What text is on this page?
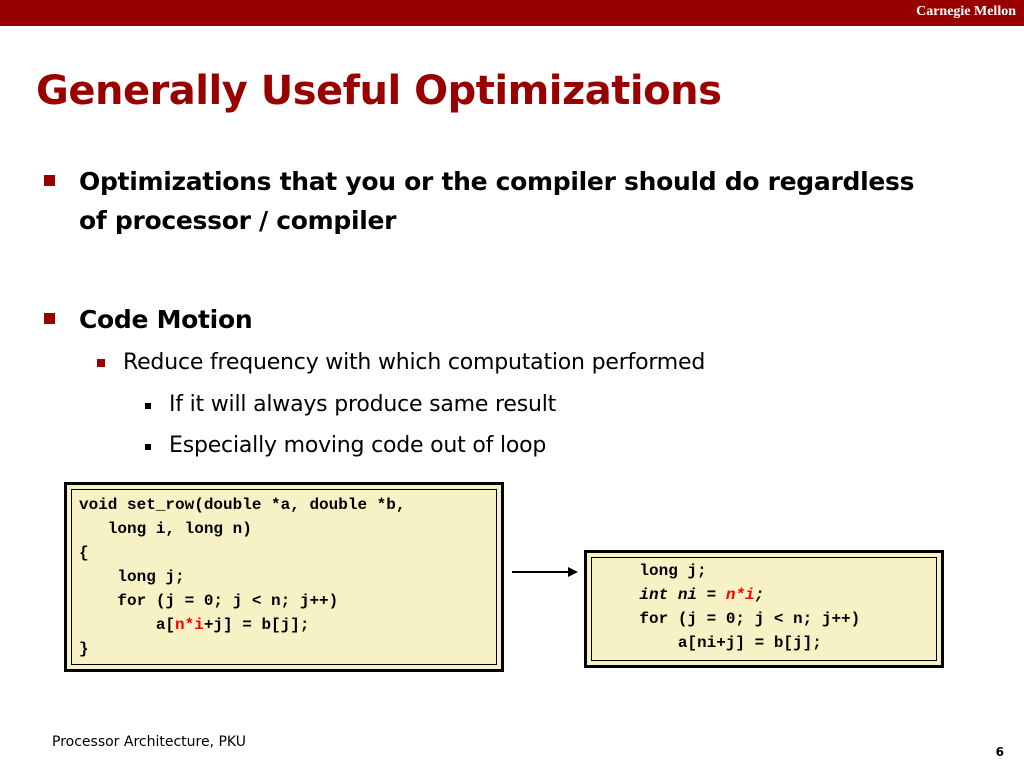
Carnegie Mellon
Generally Useful Optimizations
Optimizations that you or the compiler should do regardless
of processor / compiler
Code Motion
Reduce frequency with which computation performed
If it will always produce same result
Especially moving code out of loop
void set_row(double *a, double *b,
long i, long n)
{
long j;
for (j = 0; j < n; j++)
	a[n*i+j] = b[j];
}
long j;
int ni = n*i;
for (j = 0; j < n; j++)
	a[ni+j] = b[j];
Processor Architecture, PKU
6
